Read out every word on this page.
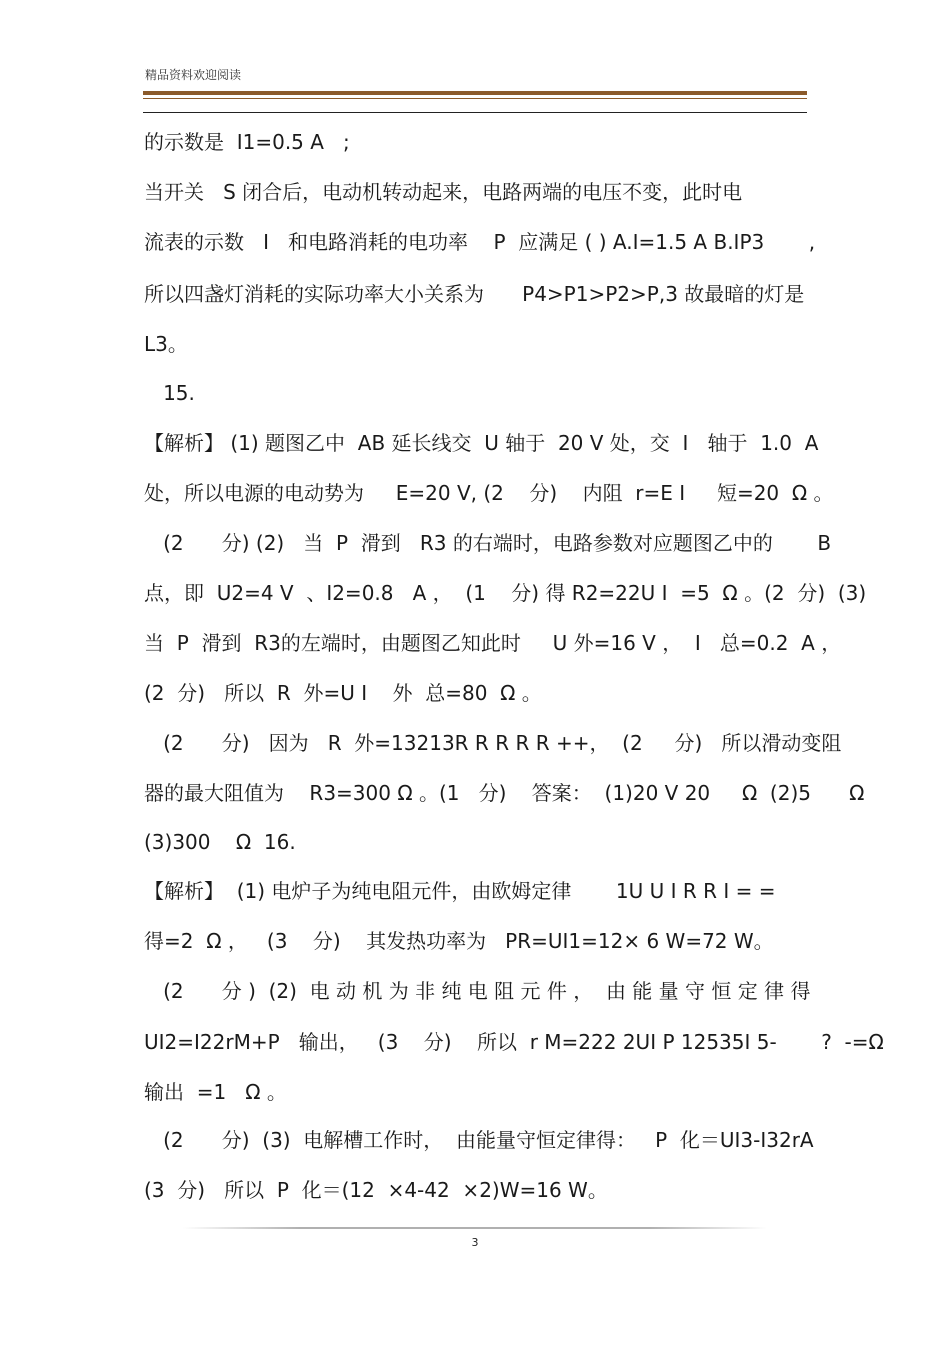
精品资料欢迎阅读
的示数是  I1=0.5 A   ;
当开关   S 闭合后，电动机转动起来，电路两端的电压不变，此时电
流表的示数   I   和电路消耗的电功率    P  应满足 ( ) A.I=1.5 A B.IP3       ,
所以四盏灯消耗的实际功率大小关系为      P4>P1>P2>P,3 故最暗的灯是
L3。
15.
【解析】 (1) 题图乙中  AB 延长线交  U 轴于  20 V 处，交  I   轴于  1.0  A
处，所以电源的电动势为     E=20 V, (2    分)    内阻  r=E I     短=20  Ω 。
(2      分) (2)   当  P  滑到   R3 的右端时，电路参数对应题图乙中的       B
点，即  U2=4 V  、I2=0.8   A ，  (1    分) 得 R2=22U I  =5  Ω 。(2  分)  (3)
当  P  滑到  R3的左端时，由题图乙知此时     U 外=16 V ，  I   总=0.2  A ，
(2  分)   所以  R  外=U I    外  总=80  Ω 。
(2      分)   因为   R  外=13213R R R R R ++，  (2     分)   所以滑动变阻
器的最大阻值为    R3=300 Ω 。(1   分)    答案：  (1)20 V 20     Ω  (2)5      Ω
(3)300    Ω  16.
【解析】  (1) 电炉子为纯电阻元件，由欧姆定律       1U U I R R I = =
得=2  Ω ，   (3    分)    其发热功率为   PR=UI1=12× 6 W=72 W。
(2      分 )  (2)  电 动 机 为 非 纯 电 阻 元 件 ，  由 能 量 守 恒 定 律 得
UI2=I22rM+P   输出，   (3    分)    所以  r M=222 2UI P 12535I 5-       ?  -=Ω
输出  =1   Ω 。
(2      分)  (3)  电解槽工作时，  由能量守恒定律得：   P  化＝UI3-I32rA
(3  分)   所以  P  化＝(12  ×4-42  ×2)W=16 W。
3
